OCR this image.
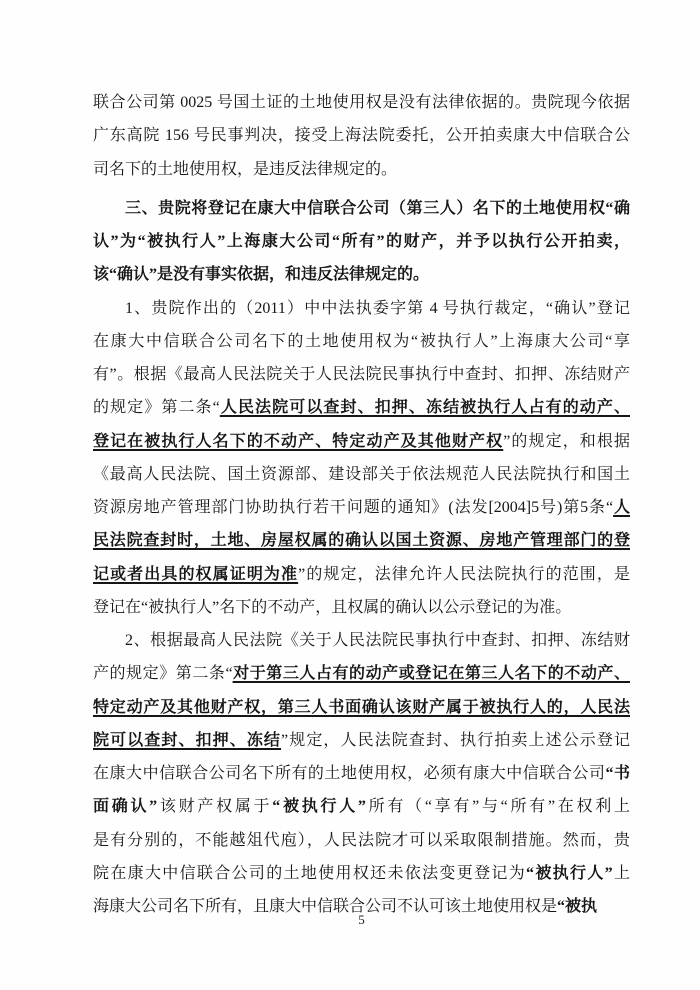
联合公司第 0025 号国土证的土地使用权是没有法律依据的。贵院现今依据
广东高院 156 号民事判决，接受上海法院委托，公开拍卖康大中信联合公
司名下的土地使用权，是违反法律规定的。
三、贵院将登记在康大中信联合公司（第三人）名下的土地使用权“确
认”为“被执行人”上海康大公司“所有”的财产，并予以执行公开拍卖，
该“确认”是没有事实依据，和违反法律规定的。
1、贵院作出的（2011）中中法执委字第 4 号执行裁定，“确认”登记
在康大中信联合公司名下的土地使用权为“被执行人”上海康大公司“享
有”。根据《最高人民法院关于人民法院民事执行中查封、扣押、冻结财产
的规定》第二条“人民法院可以查封、扣押、冻结被执行人占有的动产、
登记在被执行人名下的不动产、特定动产及其他财产权”的规定，和根据
《最高人民法院、国土资源部、建设部关于依法规范人民法院执行和国土
资源房地产管理部门协助执行若干问题的通知》(法发[2004]5号)第5条“人
民法院查封时，土地、房屋权属的确认以国土资源、房地产管理部门的登
记或者出具的权属证明为准”的规定，法律允许人民法院执行的范围，是
登记在“被执行人”名下的不动产，且权属的确认以公示登记的为准。
2、根据最高人民法院《关于人民法院民事执行中查封、扣押、冻结财
产的规定》第二条“对于第三人占有的动产或登记在第三人名下的不动产、
特定动产及其他财产权，第三人书面确认该财产属于被执行人的，人民法
院可以查封、扣押、冻结”规定，人民法院查封、执行拍卖上述公示登记
在康大中信联合公司名下所有的土地使用权，必须有康大中信联合公司“书
面确认”该财产权属于“被执行人”所有（“享有”与“所有”在权利上
是有分别的，不能越俎代庖），人民法院才可以采取限制措施。然而，贵
院在康大中信联合公司的土地使用权还未依法变更登记为“被执行人”上
海康大公司名下所有，且康大中信联合公司不认可该土地使用权是“被执
5
